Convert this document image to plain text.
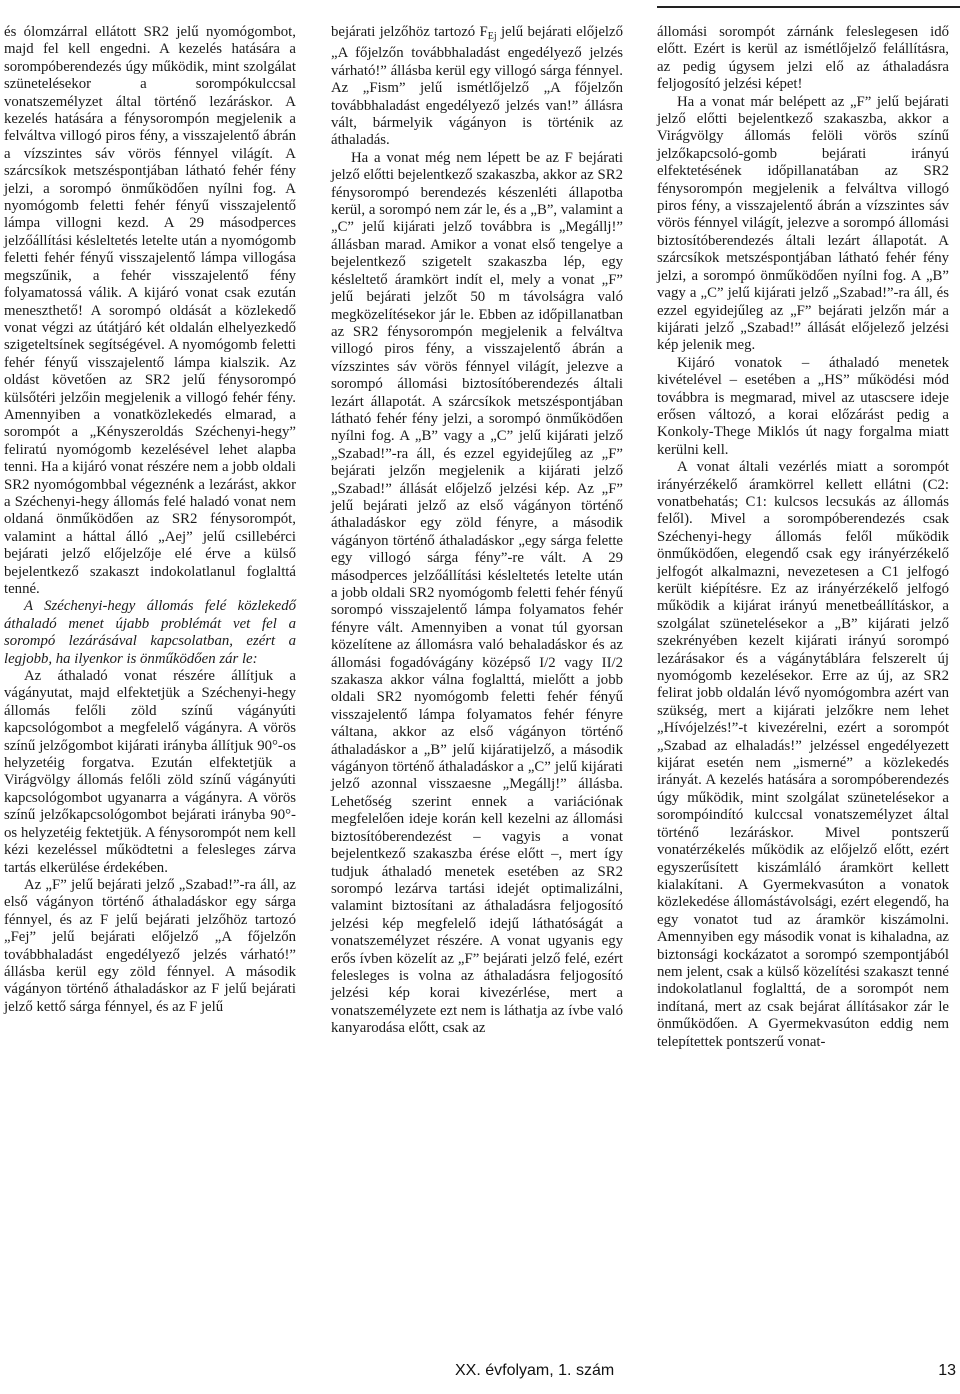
és ólomzárral ellátott SR2 jelű nyomógombot, majd fel kell engedni. A kezelés hatására a sorompóberendezés úgy működik, mint szolgálat szünetelésekor a sorompókulccsal vonatszemélyzet által történő lezáráskor. A kezelés hatására a fénysorompón megjelenik a felváltva villogó piros fény, a visszajelentő ábrán a vízszintes sáv vörös fénnyel világít. A szárcsíkok metszéspontjában látható fehér fény jelzi, a sorompó önműködően nyílni fog. A nyomógomb feletti fehér fényű visszajelentő lámpa villogni kezd. A 29 másodperces jelzőállítási késleltetés letelte után a nyomógomb feletti fehér fényű visszajelentő lámpa villogása megszűnik, a fehér visszajelentő fény folyamatossá válik. A kijáró vonat csak ezután meneszthető! A sorompó oldását a közlekedő vonat végzi az útátjáró két oldalán elhelyezkedő szigeteltsínek segítségével. A nyomógomb feletti fehér fényű visszajelentő lámpa kialszik. Az oldást követően az SR2 jelű fénysorompó külsőtéri jelzőin megjelenik a villogó fehér fény. Amennyiben a vonatközlekedés elmarad, a sorompót a „Kényszeroldás Széchenyi-hegy” feliratú nyomógomb kezelésével lehet alapba tenni. Ha a kijáró vonat részére nem a jobb oldali SR2 nyomógombbal végeznénk a lezárást, akkor a Széchenyi-hegy állomás felé haladó vonat nem oldaná önműködően az SR2 fénysorompót, valamint a háttal álló „Aej” jelű csillebérci bejárati jelző előjelzője elé érve a külső bejelentkező szakaszt indokolatlanul foglalttá tenné.

A Széchenyi-hegy állomás felé közlekedő áthaladó menet újabb problémát vet fel a sorompó lezárásával kapcsolatban, ezért a legjobb, ha ilyenkor is önműködően zár le:

Az áthaladó vonat részére állítjuk a vágányutat, majd elfektetjük a Széchenyi-hegy állomás felőli zöld színű vágányúti kapcsológombot a megfelelő vágányra. A vörös színű jelzőgombot kijárati irányba állítjuk 90°-os helyzetéig forgatva. Ezután elfektetjük a Virágvölgy állomás felőli zöld színű vágányúti kapcsológombot ugyanarra a vágányra. A vörös színű jelzőkapcsológombot bejárati irányba 90°-os helyzetéig fektetjük. A fénysorompót nem kell kézi kezeléssel működtetni a felesleges zárva tartás elkerülése érdekében.

Az „F” jelű bejárati jelző „Szabad!”-ra áll, az első vágányon történő áthaladáskor egy sárga fénnyel, és az F jelű bejárati jelzőhöz tartozó „Fej” jelű bejárati előjelző „A főjelzőn továbbhaladást engedélyező jelzés várható!” állásba kerül egy zöld fénnyel. A második vágányon történő áthaladáskor az F jelű bejárati jelző kettő sárga fénnyel, és az F jelű

bejárati jelzőhöz tartozó $F_{Ej}$ jelű bejárati előjelző „A főjelzőn továbbhaladást engedélyező jelzés várható!” állásba kerül egy villogó sárga fénnyel. Az „Fism” jelű ismétlőjelző „A főjelzőn továbbhaladást engedélyező jelzés van!” állásra vált, bármelyik vágányon is történik az áthaladás.

Ha a vonat még nem lépett be az F bejárati jelző előtti bejelentkező szakaszba, akkor az SR2 fénysorompó berendezés készenléti állapotba kerül, a sorompó nem zár le, és a „B”, valamint a „C” jelű kijárati jelző továbbra is „Megállj!” állásban marad. Amikor a vonat első tengelye a bejelentkező szigetelt szakaszba lép, egy késleltető áramkört indít el, mely a vonat „F” jelű bejárati jelzőt 50 m távolságra való megközelítésekor jár le. Ebben az időpillanatban az SR2 fénysorompón megjelenik a felváltva villogó piros fény, a visszajelentő ábrán a vízszintes sáv vörös fénnyel világít, jelezve a sorompó állomási biztosítóberendezés általi lezárt állapotát. A szárcsíkok metszéspontjában látható fehér fény jelzi, a sorompó önműködően nyílni fog. A „B” vagy a „C” jelű kijárati jelző „Szabad!”-ra áll, és ezzel egyidejűleg az „F” bejárati jelzőn megjelenik a kijárati jelző „Szabad!” állását előjelző jelzési kép. Az „F” jelű bejárati jelző az első vágányon történő áthaladáskor egy zöld fényre, a második vágányon történő áthaladáskor „egy sárga felette egy villogó sárga fény”-re vált. A 29 másodperces jelzőállítási késleltetés letelte után a jobb oldali SR2 nyomógomb feletti fehér fényű sorompó visszajelentő lámpa folyamatos fehér fényre vált. Amennyiben a vonat túl gyorsan közelítene az állomásra való behaladáskor és az állomási fogadóvágány középső I/2 vagy II/2 szakasza akkor válna foglalttá, mielőtt a jobb oldali SR2 nyomógomb feletti fehér fényű visszajelentő lámpa folyamatos fehér fényre váltana, akkor az első vágányon történő áthaladáskor a „B” jelű kijáratijelző, a második vágányon történő áthaladáskor a „C” jelű kijárati jelző azonnal visszaesne „Megállj!” állásba. Lehetőség szerint ennek a variációnak megfelelően ideje korán kell kezelni az állomási biztosítóberendezést – vagyis a vonat bejelentkező szakaszba érése előtt –, mert így tudjuk áthaladó menetek esetében az SR2 sorompó lezárva tartási idejét optimalizálni, valamint biztosítani az áthaladásra feljogosító jelzési kép megfelelő idejű láthatóságát a vonatszemélyzet részére. A vonat ugyanis egy erős ívben közelít az „F” bejárati jelző felé, ezért felesleges is volna az áthaladásra feljogosító jelzési kép korai kivezérlése, mert a vonatszemélyzete ezt nem is láthatja az ívbe való kanyarodása előtt, csak az

állomási sorompót zárnánk feleslegesen idő előtt. Ezért is kerül az ismétlőjelző felállításra, az pedig úgysem jelzi elő az áthaladásra feljogosító jelzési képet!

Ha a vonat már belépett az „F” jelű bejárati jelző előtti bejelentkező szakaszba, akkor a Virágvölgy állomás felöli vörös színű jelzőkapcsoló-gomb bejárati irányú elfektetésének időpillanatában az SR2 fénysorompón megjelenik a felváltva villogó piros fény, a visszajelentő ábrán a vízszintes sáv vörös fénnyel világít, jelezve a sorompó állomási biztosítóberendezés általi lezárt állapotát. A szárcsíkok metszéspontjában látható fehér fény jelzi, a sorompó önműködően nyílni fog. A „B” vagy a „C” jelű kijárati jelző „Szabad!”-ra áll, és ezzel egyidejűleg az „F” bejárati jelzőn már a kijárati jelző „Szabad!” állását előjelező jelzési kép jelenik meg.

Kijáró vonatok – áthaladó menetek kivételével – esetében a „HS” működési mód továbbra is megmarad, mivel az utascsere ideje erősen változó, a korai előzárást pedig a Konkoly-Thege Miklós út nagy forgalma miatt kerülni kell.

A vonat általi vezérlés miatt a sorompót irányérzékelő áramkörrel kellett ellátni (C2: vonatbehatás; C1: kulcsos lecsukás az állomás felől). Mivel a sorompóberendezés csak Széchenyi-hegy állomás felől működik önműködően, elegendő csak egy irányérzékelő jelfogót alkalmazni, nevezetesen a C1 jelfogó került kiépítésre. Ez az irányérzékelő jelfogó működik a kijárat irányú menetbeállításkor, a szolgálat szünetelésekor a „B” kijárati jelző szekrényében kezelt kijárati irányú sorompó lezárásakor és a vágánytáblára felszerelt új nyomógomb kezelésekor. Erre az új, az SR2 felirat jobb oldalán lévő nyomógombra azért van szükség, mert a kijárati jelzőkre nem lehet „Hívójelzés!”-t kivezérelni, ezért a sorompót „Szabad az elhaladás!” jelzéssel engedélyezett kijárat esetén nem „ismerné” a közlekedés irányát. A kezelés hatására a sorompóberendezés úgy működik, mint szolgálat szünetelésekor a sorompóindító kulccsal vonatszemélyzet által történő lezáráskor. Mivel pontszerű vonatérzékelés működik az előjelző előtt, ezért egyszerűsített kiszámláló áramkört kellett kialakítani. A Gyermekvasúton a vonatok közlekedése állomástávolsági, ezért elegendő, ha egy vonatot tud az áramkör kiszámolni. Amennyiben egy második vonat is kihaladna, az biztonsági kockázatot a sorompó szempontjából nem jelent, csak a külső közelítési szakaszt tenné indokolatlanul foglalttá, de a sorompót nem indítaná, mert az csak bejárat állításakor zár le önműködően. A Gyermekvasúton eddig nem telepítettek pontszerű vonat-

XX. évfolyam, 1. szám	13
